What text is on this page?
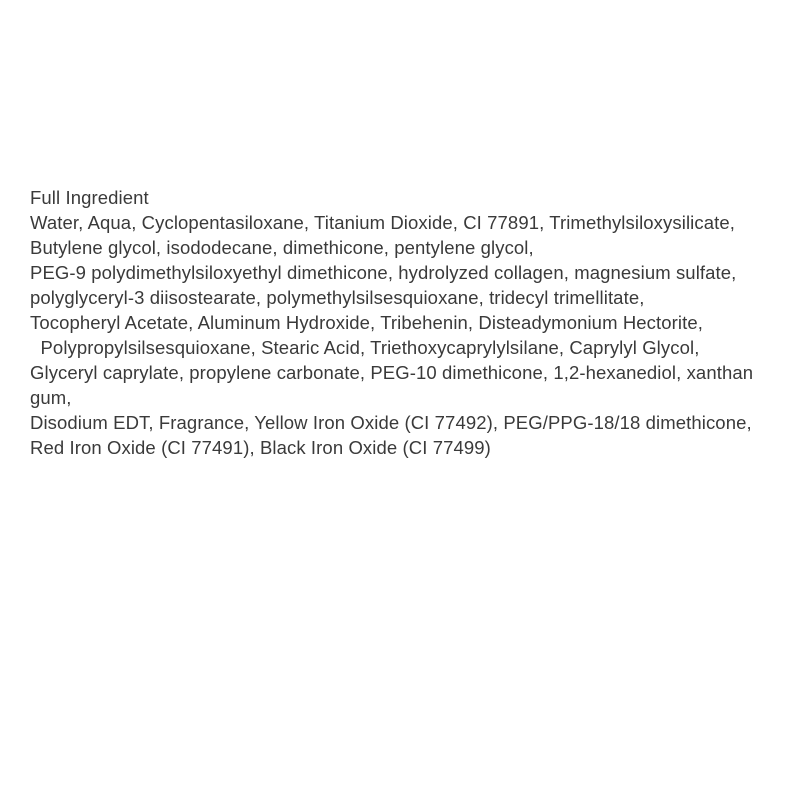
Full Ingredient
Water, Aqua, Cyclopentasiloxane, Titanium Dioxide, CI 77891, Trimethylsiloxysilicate,
Butylene glycol, isododecane, dimethicone, pentylene glycol,
PEG-9 polydimethylsiloxyethyl dimethicone, hydrolyzed collagen, magnesium sulfate,
polyglyceryl-3 diisostearate, polymethylsilsesquioxane, tridecyl trimellitate,
Tocopheryl Acetate, Aluminum Hydroxide, Tribehenin, Disteadymonium Hectorite,
Polypropylsilsesquioxane, Stearic Acid, Triethoxycaprylylsilane, Caprylyl Glycol,
Glyceryl caprylate, propylene carbonate, PEG-10 dimethicone, 1,2-hexanediol, xanthan gum,
Disodium EDT, Fragrance, Yellow Iron Oxide (CI 77492), PEG/PPG-18/18 dimethicone,
Red Iron Oxide (CI 77491), Black Iron Oxide (CI 77499)
